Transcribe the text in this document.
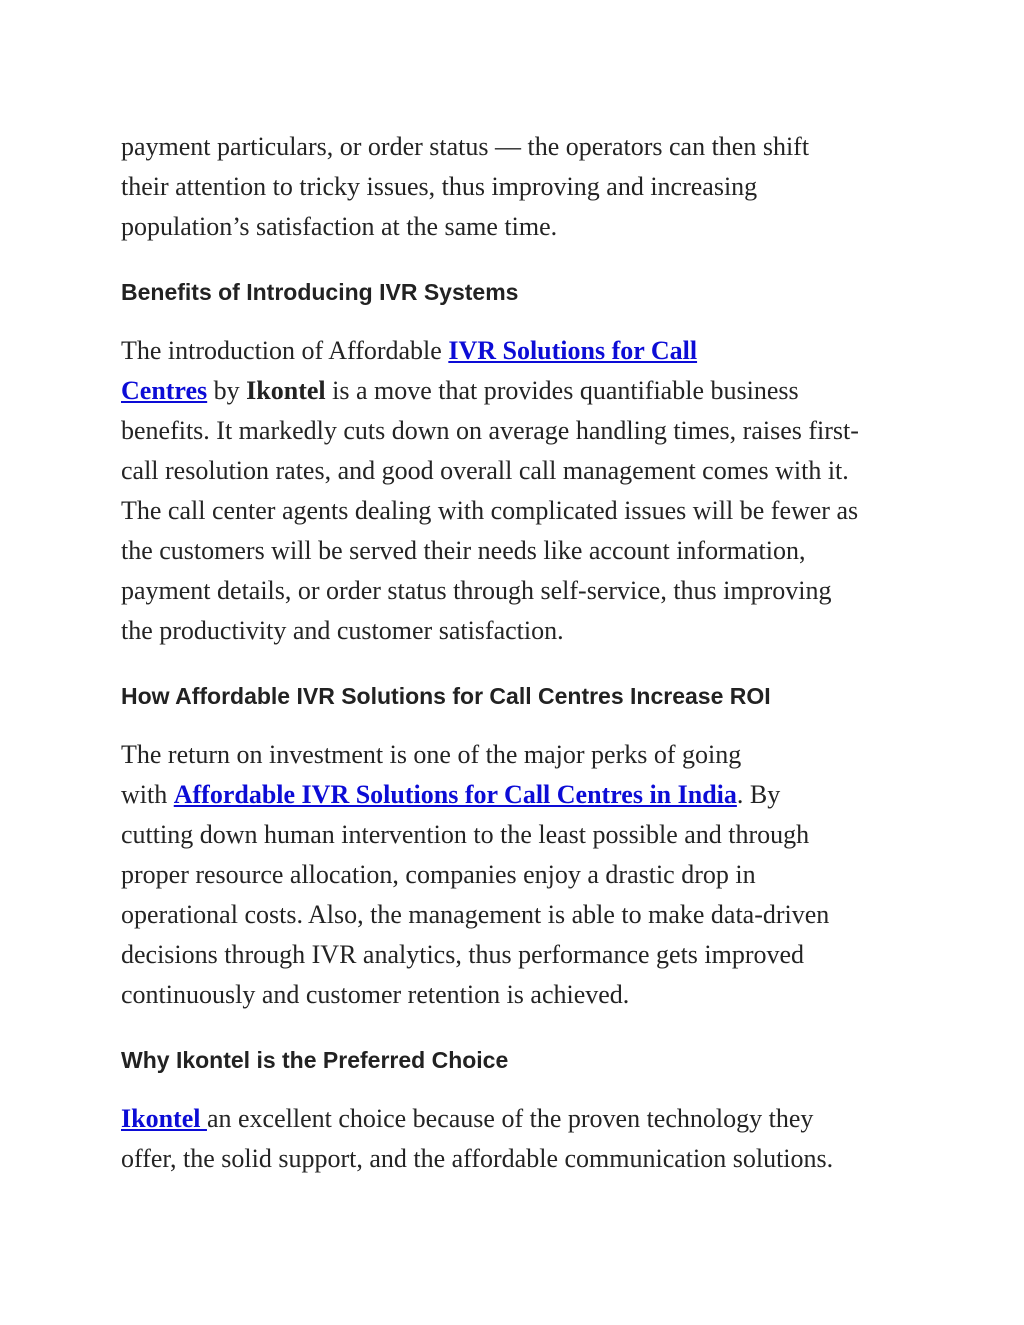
payment particulars, or order status — the operators can then shift
their attention to tricky issues, thus improving and increasing
population’s satisfaction at the same time.
Benefits of Introducing IVR Systems
The introduction of Affordable IVR Solutions for Call
Centres by Ikontel is a move that provides quantifiable business
benefits. It markedly cuts down on average handling times, raises first-
call resolution rates, and good overall call management comes with it.
The call center agents dealing with complicated issues will be fewer as
the customers will be served their needs like account information,
payment details, or order status through self-service, thus improving
the productivity and customer satisfaction.
How Affordable IVR Solutions for Call Centres Increase ROI
The return on investment is one of the major perks of going
with Affordable IVR Solutions for Call Centres in India. By
cutting down human intervention to the least possible and through
proper resource allocation, companies enjoy a drastic drop in
operational costs. Also, the management is able to make data-driven
decisions through IVR analytics, thus performance gets improved
continuously and customer retention is achieved.
Why Ikontel is the Preferred Choice
Ikontel an excellent choice because of the proven technology they
offer, the solid support, and the affordable communication solutions.
